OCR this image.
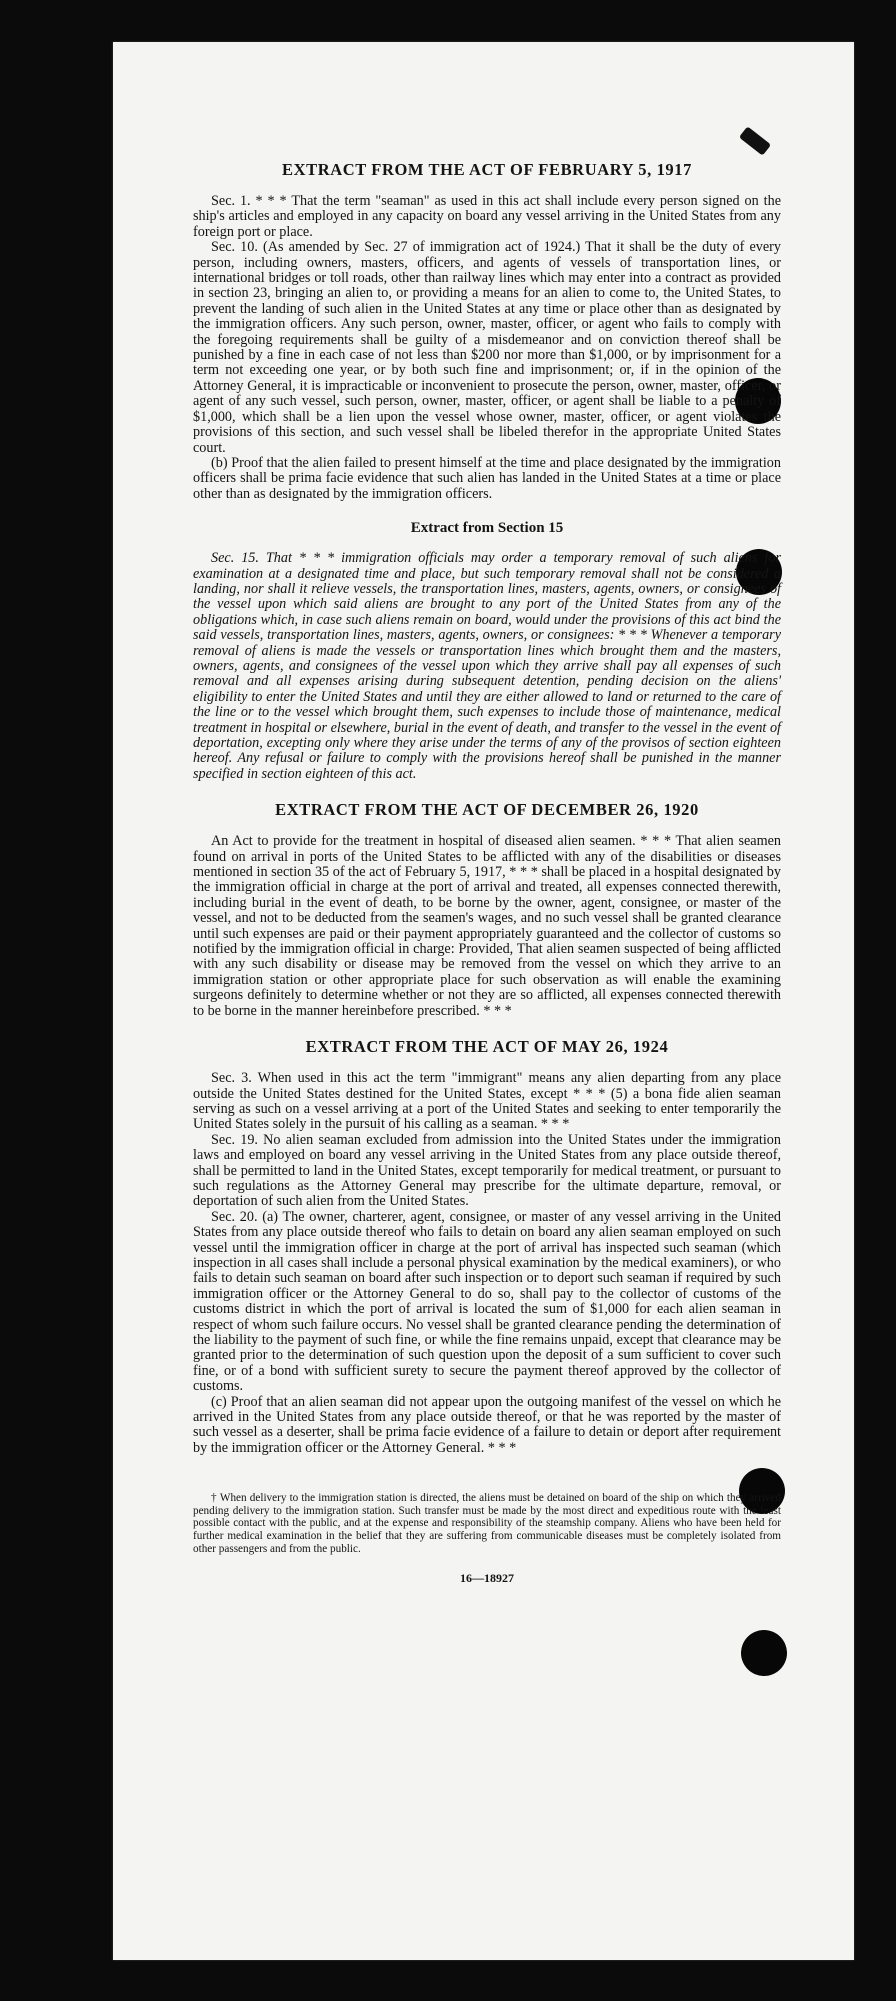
EXTRACT FROM THE ACT OF FEBRUARY 5, 1917

Sec. 1. * * * That the term "seaman" as used in this act shall include every person signed on the ship's articles and employed in any capacity on board any vessel arriving in the United States from any foreign port or place.

Sec. 10. (As amended by Sec. 27 of immigration act of 1924.) That it shall be the duty of every person, including owners, masters, officers, and agents of vessels of transportation lines, or international bridges or toll roads, other than railway lines which may enter into a contract as provided in section 23, bringing an alien to, or providing a means for an alien to come to, the United States, to prevent the landing of such alien in the United States at any time or place other than as designated by the immigration officers. Any such person, owner, master, officer, or agent who fails to comply with the foregoing requirements shall be guilty of a misdemeanor and on conviction thereof shall be punished by a fine in each case of not less than $200 nor more than $1,000, or by imprisonment for a term not exceeding one year, or by both such fine and imprisonment; or, if in the opinion of the Attorney General, it is impracticable or inconvenient to prosecute the person, owner, master, officer, or agent of any such vessel, such person, owner, master, officer, or agent shall be liable to a penalty of $1,000, which shall be a lien upon the vessel whose owner, master, officer, or agent violates the provisions of this section, and such vessel shall be libeled therefor in the appropriate United States court.

(b) Proof that the alien failed to present himself at the time and place designated by the immigration officers shall be prima facie evidence that such alien has landed in the United States at a time or place other than as designated by the immigration officers.

Extract from Section 15

Sec. 15. That * * * immigration officials may order a temporary removal of such aliens for examination at a designated time and place, but such temporary removal shall not be considered a landing, nor shall it relieve vessels, the transportation lines, masters, agents, owners, or consignees of the vessel upon which said aliens are brought to any port of the United States from any of the obligations which, in case such aliens remain on board, would under the provisions of this act bind the said vessels, transportation lines, masters, agents, owners, or consignees: * * * Whenever a temporary removal of aliens is made the vessels or transportation lines which brought them and the masters, owners, agents, and consignees of the vessel upon which they arrive shall pay all expenses of such removal and all expenses arising during subsequent detention, pending decision on the aliens' eligibility to enter the United States and until they are either allowed to land or returned to the care of the line or to the vessel which brought them, such expenses to include those of maintenance, medical treatment in hospital or elsewhere, burial in the event of death, and transfer to the vessel in the event of deportation, excepting only where they arise under the terms of any of the provisos of section eighteen hereof. Any refusal or failure to comply with the provisions hereof shall be punished in the manner specified in section eighteen of this act.

EXTRACT FROM THE ACT OF DECEMBER 26, 1920

An Act to provide for the treatment in hospital of diseased alien seamen. * * * That alien seamen found on arrival in ports of the United States to be afflicted with any of the disabilities or diseases mentioned in section 35 of the act of February 5, 1917, * * * shall be placed in a hospital designated by the immigration official in charge at the port of arrival and treated, all expenses connected therewith, including burial in the event of death, to be borne by the owner, agent, consignee, or master of the vessel, and not to be deducted from the seamen's wages, and no such vessel shall be granted clearance until such expenses are paid or their payment appropriately guaranteed and the collector of customs so notified by the immigration official in charge: Provided, That alien seamen suspected of being afflicted with any such disability or disease may be removed from the vessel on which they arrive to an immigration station or other appropriate place for such observation as will enable the examining surgeons definitely to determine whether or not they are so afflicted, all expenses connected therewith to be borne in the manner hereinbefore prescribed. * * *

EXTRACT FROM THE ACT OF MAY 26, 1924

Sec. 3. When used in this act the term "immigrant" means any alien departing from any place outside the United States destined for the United States, except * * * (5) a bona fide alien seaman serving as such on a vessel arriving at a port of the United States and seeking to enter temporarily the United States solely in the pursuit of his calling as a seaman. * * *

Sec. 19. No alien seaman excluded from admission into the United States under the immigration laws and employed on board any vessel arriving in the United States from any place outside thereof, shall be permitted to land in the United States, except temporarily for medical treatment, or pursuant to such regulations as the Attorney General may prescribe for the ultimate departure, removal, or deportation of such alien from the United States.

Sec. 20. (a) The owner, charterer, agent, consignee, or master of any vessel arriving in the United States from any place outside thereof who fails to detain on board any alien seaman employed on such vessel until the immigration officer in charge at the port of arrival has inspected such seaman (which inspection in all cases shall include a personal physical examination by the medical examiners), or who fails to detain such seaman on board after such inspection or to deport such seaman if required by such immigration officer or the Attorney General to do so, shall pay to the collector of customs of the customs district in which the port of arrival is located the sum of $1,000 for each alien seaman in respect of whom such failure occurs. No vessel shall be granted clearance pending the determination of the liability to the payment of such fine, or while the fine remains unpaid, except that clearance may be granted prior to the determination of such question upon the deposit of a sum sufficient to cover such fine, or of a bond with sufficient surety to secure the payment thereof approved by the collector of customs.

(c) Proof that an alien seaman did not appear upon the outgoing manifest of the vessel on which he arrived in the United States from any place outside thereof, or that he was reported by the master of such vessel as a deserter, shall be prima facie evidence of a failure to detain or deport after requirement by the immigration officer or the Attorney General. * * *

† When delivery to the immigration station is directed, the aliens must be detained on board of the ship on which they arrived pending delivery to the immigration station. Such transfer must be made by the most direct and expeditious route with the least possible contact with the public, and at the expense and responsibility of the steamship company. Aliens who have been held for further medical examination in the belief that they are suffering from communicable diseases must be completely isolated from other passengers and from the public.
16—18927
